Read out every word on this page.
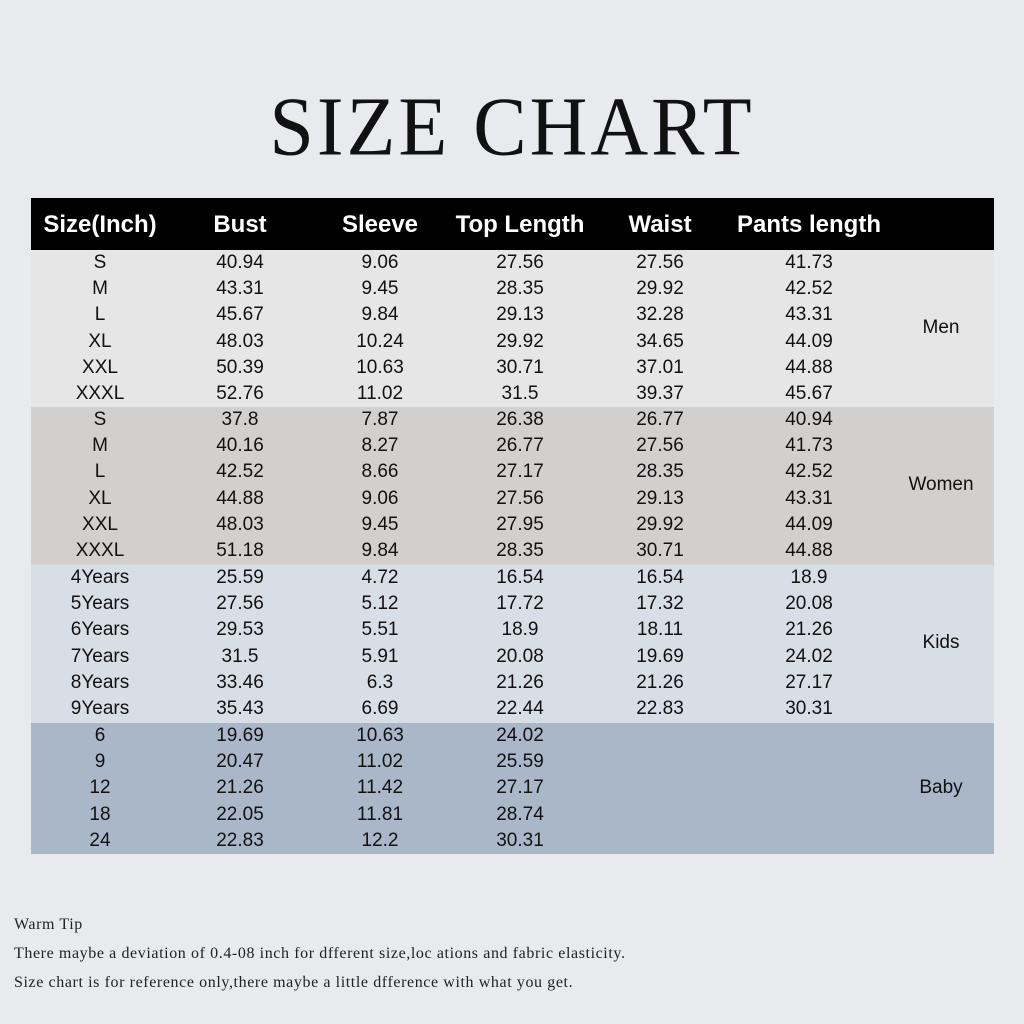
SIZE CHART
Size(Inch)	Bust	Sleeve	Top Length	Waist	Pants length
S	40.94	9.06	27.56	27.56	41.73
M	43.31	9.45	28.35	29.92	42.52
L	45.67	9.84	29.13	32.28	43.31
XL	48.03	10.24	29.92	34.65	44.09
XXL	50.39	10.63	30.71	37.01	44.88
XXXL	52.76	11.02	31.5	39.37	45.67
Men
S	37.8	7.87	26.38	26.77	40.94
M	40.16	8.27	26.77	27.56	41.73
L	42.52	8.66	27.17	28.35	42.52
XL	44.88	9.06	27.56	29.13	43.31
XXL	48.03	9.45	27.95	29.92	44.09
XXXL	51.18	9.84	28.35	30.71	44.88
Women
4Years	25.59	4.72	16.54	16.54	18.9
5Years	27.56	5.12	17.72	17.32	20.08
6Years	29.53	5.51	18.9	18.11	21.26
7Years	31.5	5.91	20.08	19.69	24.02
8Years	33.46	6.3	21.26	21.26	27.17
9Years	35.43	6.69	22.44	22.83	30.31
Kids
6	19.69	10.63	24.02
9	20.47	11.02	25.59
12	21.26	11.42	27.17
18	22.05	11.81	28.74
24	22.83	12.2	30.31
Baby
Warm Tip
There maybe a deviation of 0.4-08 inch for dfferent size,loc ations and fabric elasticity.
Size chart is for reference only,there maybe a little dfference with what you get.
